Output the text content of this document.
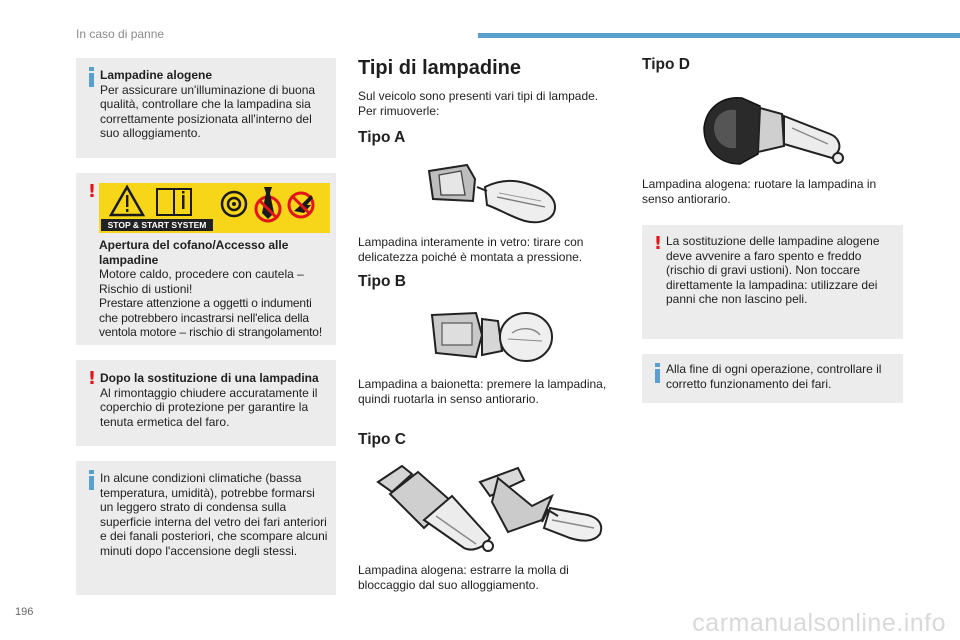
In caso di panne
Lampadine alogene
Per assicurare un'illuminazione di buona qualità, controllare che la lampadina sia correttamente posizionata all'interno del suo alloggiamento.
!
STOP & START SYSTEM
Apertura del cofano/Accesso alle lampadine
Motore caldo, procedere con cautela –
Rischio di ustioni!
Prestare attenzione a oggetti o indumenti che potrebbero incastrarsi nell'elica della ventola motore – rischio di strangolamento!
! Dopo la sostituzione di una lampadina
Al rimontaggio chiudere accuratamente il coperchio di protezione per garantire la tenuta ermetica del faro.
In alcune condizioni climatiche (bassa temperatura, umidità), potrebbe formarsi un leggero strato di condensa sulla superficie interna del vetro dei fari anteriori e dei fanali posteriori, che scompare alcuni minuti dopo l'accensione degli stessi.
Tipi di lampadine
Sul veicolo sono presenti vari tipi di lampade. Per rimuoverle:
Tipo A
Lampadina interamente in vetro: tirare con delicatezza poiché è montata a pressione.
Tipo B
Lampadina a baionetta: premere la lampadina, quindi ruotarla in senso antiorario.
Tipo C
Lampadina alogena: estrarre la molla di bloccaggio dal suo alloggiamento.
Tipo D
Lampadina alogena: ruotare la lampadina in senso antiorario.
! La sostituzione delle lampadine alogene deve avvenire a faro spento e freddo (rischio di gravi ustioni). Non toccare direttamente la lampadina: utilizzare dei panni che non lascino peli.
Alla fine di ogni operazione, controllare il corretto funzionamento dei fari.
196	carmanualsonline.info
